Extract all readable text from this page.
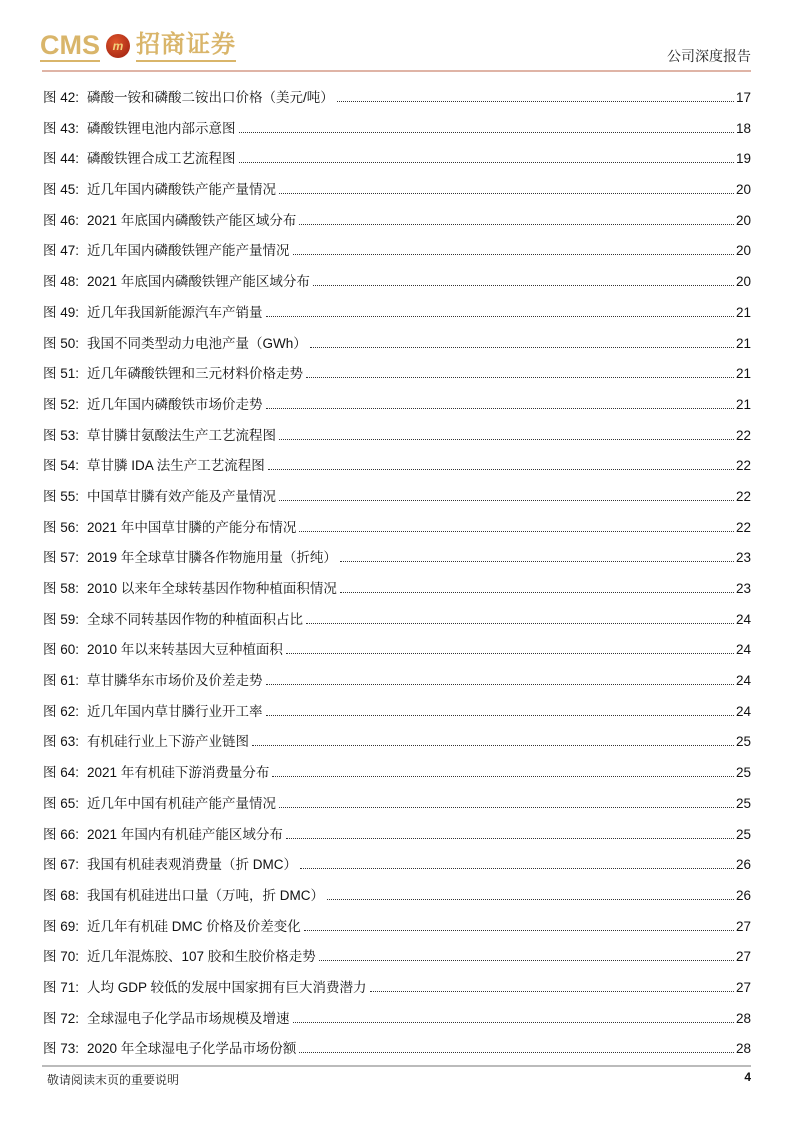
CMS	m 招商证券	公司深度报告
图 42: 磷酸一铵和磷酸二铵出口价格（美元/吨）	17
图 43: 磷酸铁锂电池内部示意图	18
图 44: 磷酸铁锂合成工艺流程图	19
图 45: 近几年国内磷酸铁产能产量情况	20
图 46: 2021 年底国内磷酸铁产能区域分布	20
图 47: 近几年国内磷酸铁锂产能产量情况	20
图 48: 2021 年底国内磷酸铁锂产能区域分布	20
图 49: 近几年我国新能源汽车产销量	21
图 50: 我国不同类型动力电池产量（GWh）	21
图 51: 近几年磷酸铁锂和三元材料价格走势	21
图 52: 近几年国内磷酸铁市场价走势	21
图 53: 草甘膦甘氨酸法生产工艺流程图	22
图 54: 草甘膦 IDA 法生产工艺流程图	22
图 55: 中国草甘膦有效产能及产量情况	22
图 56: 2021 年中国草甘膦的产能分布情况	22
图 57: 2019 年全球草甘膦各作物施用量（折纯）	23
图 58: 2010 以来年全球转基因作物种植面积情况	23
图 59: 全球不同转基因作物的种植面积占比	24
图 60: 2010 年以来转基因大豆种植面积	24
图 61: 草甘膦华东市场价及价差走势	24
图 62: 近几年国内草甘膦行业开工率	24
图 63: 有机硅行业上下游产业链图	25
图 64: 2021 年有机硅下游消费量分布	25
图 65: 近几年中国有机硅产能产量情况	25
图 66: 2021 年国内有机硅产能区域分布	25
图 67: 我国有机硅表观消费量（折 DMC）	26
图 68: 我国有机硅进出口量（万吨，折 DMC）	26
图 69: 近几年有机硅 DMC 价格及价差变化	27
图 70: 近几年混炼胶、107 胶和生胶价格走势	27
图 71: 人均 GDP 较低的发展中国家拥有巨大消费潜力	27
图 72: 全球湿电子化学品市场规模及增速	28
图 73: 2020 年全球湿电子化学品市场份额	28
敬请阅读末页的重要说明	4
